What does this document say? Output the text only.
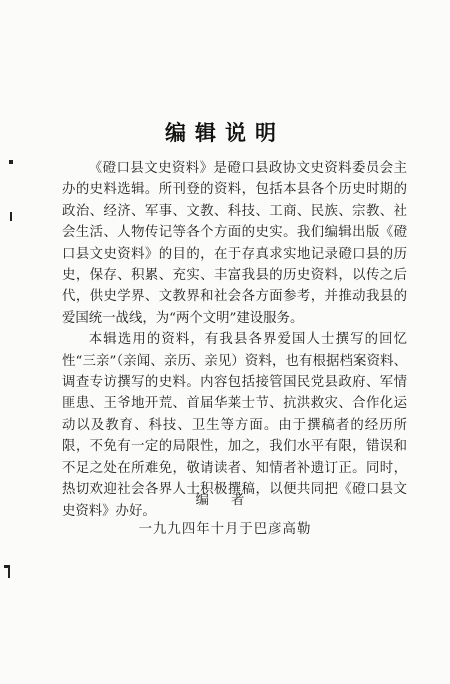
编辑说明

《磴口县文史资料》是磴口县政协文史资料委员会主办的史料选辑。所刊登的资料，包括本县各个历史时期的政治、经济、军事、文教、科技、工商、民族、宗教、社会生活、人物传记等各个方面的史实。我们编辑出版《磴口县文史资料》的目的，在于存真求实地记录磴口县的历史，保存、积累、充实、丰富我县的历史资料，以传之后代，供史学界、文教界和社会各方面参考，并推动我县的爱国统一战线，为“两个文明”建设服务。

本辑选用的资料，有我县各界爱国人士撰写的回忆性“三亲”（亲闻、亲历、亲见）资料，也有根据档案资料、调查专访撰写的史料。内容包括接管国民党县政府、军情匪患、王爷地开荒、首届华莱士节、抗洪救灾、合作化运动以及教育、科技、卫生等方面。由于撰稿者的经历所限，不免有一定的局限性，加之，我们水平有限，错误和不足之处在所难免，敬请读者、知情者补遗订正。同时，热切欢迎社会各界人士积极撰稿，以便共同把《磴口县文史资料》办好。

编者
一九九四年十月于巴彦高勒
